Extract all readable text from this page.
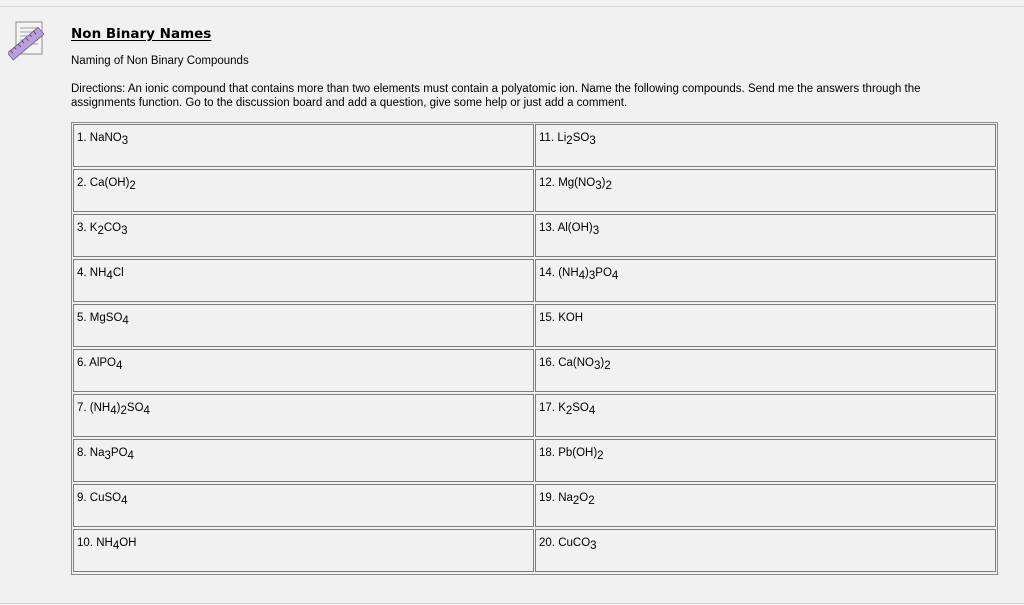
Non Binary Names

Naming of Non Binary Compounds

Directions: An ionic compound that contains more than two elements must contain a polyatomic ion. Name the following compounds. Send me the answers through the assignments function. Go to the discussion board and add a question, give some help or just add a comment.

1. NaNO$_3$	11. $Li_2SO_3$
2. $Ca(OH)_2$	12. $Mg(NO_3)_2$
3. $K_2CO_3$	13. $Al(OH)_3$
4. $NH_4Cl$	14. $(NH_4)_3PO_4$
5. MgSO$_4$	15. KOH
6. AlPO$_4$	16. $Ca(NO_3)_2$
7. $(NH_4)_2SO_4$	17. $K_2SO_4$
8. $Na_3PO_4$	18. $Pb(OH)_2$
9. CuSO$_4$	19. $Na_2O_2$
10. $NH_4OH$	20. CuCO$_3$
